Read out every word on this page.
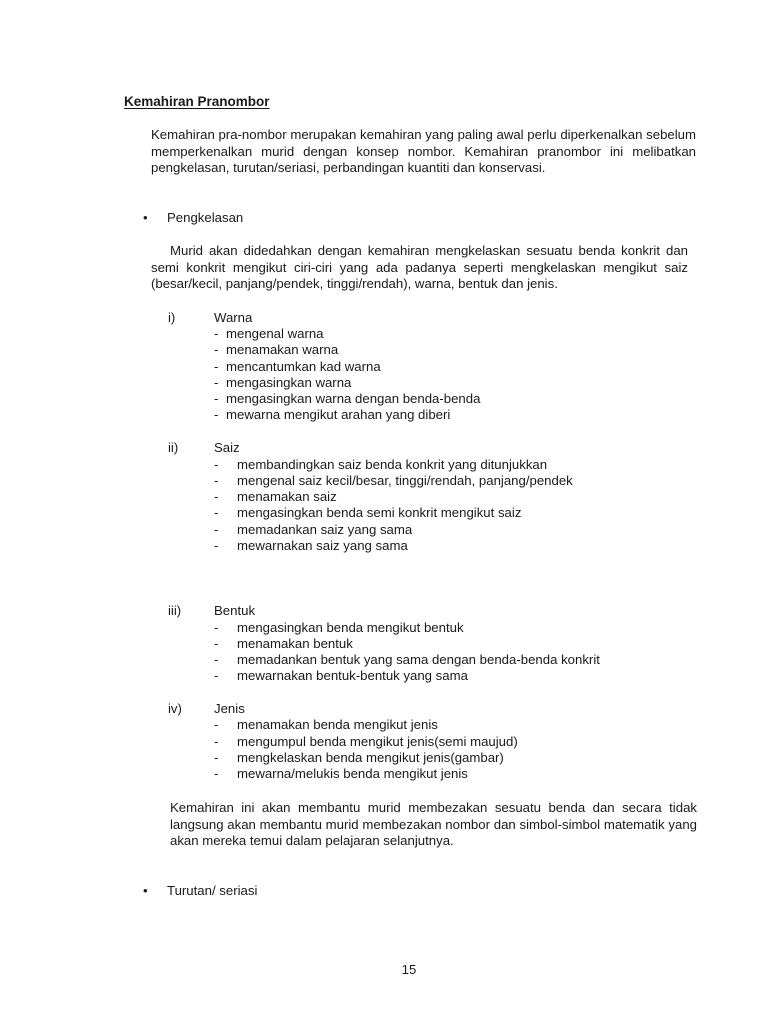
Kemahiran Pranombor
Kemahiran pra-nombor merupakan kemahiran yang paling awal perlu diperkenalkan sebelum memperkenalkan murid dengan konsep nombor. Kemahiran pranombor ini melibatkan pengkelasan, turutan/seriasi, perbandingan kuantiti dan konservasi.
• Pengkelasan
Murid akan didedahkan dengan kemahiran mengkelaskan sesuatu benda konkrit dan semi konkrit mengikut ciri-ciri yang ada padanya seperti mengkelaskan mengikut saiz (besar/kecil, panjang/pendek, tinggi/rendah), warna, bentuk dan jenis.
i)	Warna
- mengenal warna
- menamakan warna
- mencantumkan kad warna
- mengasingkan warna
- mengasingkan warna dengan benda-benda
- mewarna mengikut arahan yang diberi
ii)	Saiz
- membandingkan saiz benda konkrit yang ditunjukkan
- mengenal saiz kecil/besar, tinggi/rendah, panjang/pendek
- menamakan saiz
- mengasingkan benda semi konkrit mengikut saiz
- memadankan saiz yang sama
- mewarnakan saiz yang sama
iii) Bentuk
- mengasingkan benda mengikut bentuk
- menamakan bentuk
- memadankan bentuk yang sama dengan benda-benda konkrit
- mewarnakan bentuk-bentuk yang sama
iv) Jenis
- menamakan benda mengikut jenis
- mengumpul benda mengikut jenis(semi maujud)
- mengkelaskan benda mengikut jenis(gambar)
- mewarna/melukis benda mengikut jenis
Kemahiran ini akan membantu murid membezakan sesuatu benda dan secara tidak langsung akan membantu murid membezakan nombor dan simbol-simbol matematik yang akan mereka temui dalam pelajaran selanjutnya.
• Turutan/ seriasi
15
